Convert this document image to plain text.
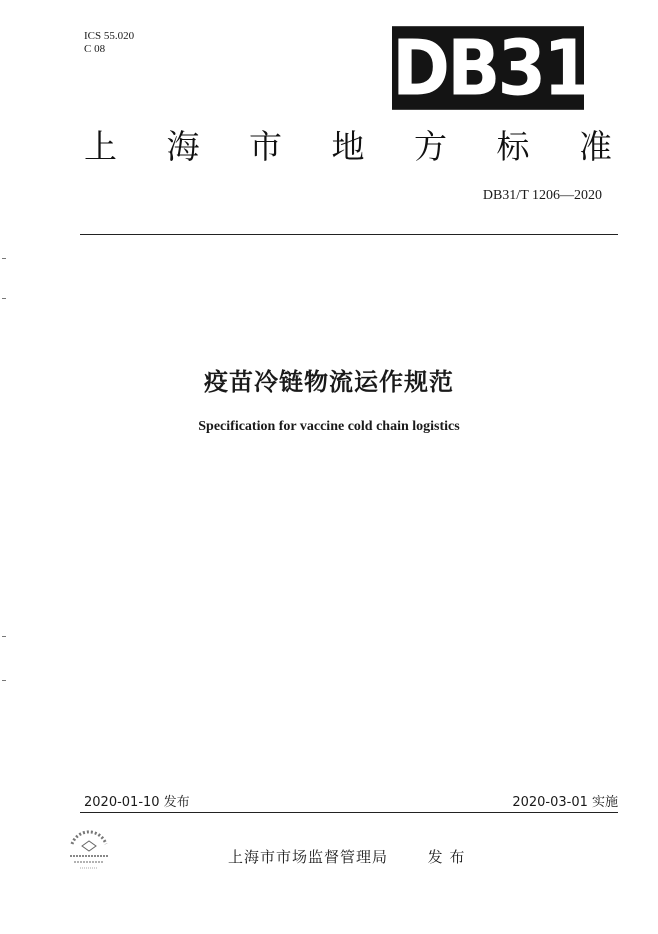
ICS 55.020
C 08	DB31
上 海 市 地 方 标 准
DB31/T 1206—2020
疫苗冷链物流运作规范
Specification for vaccine cold chain logistics
2020-01-10 发布	2020-03-01 实施
上海市市场监督管理局	发 布
